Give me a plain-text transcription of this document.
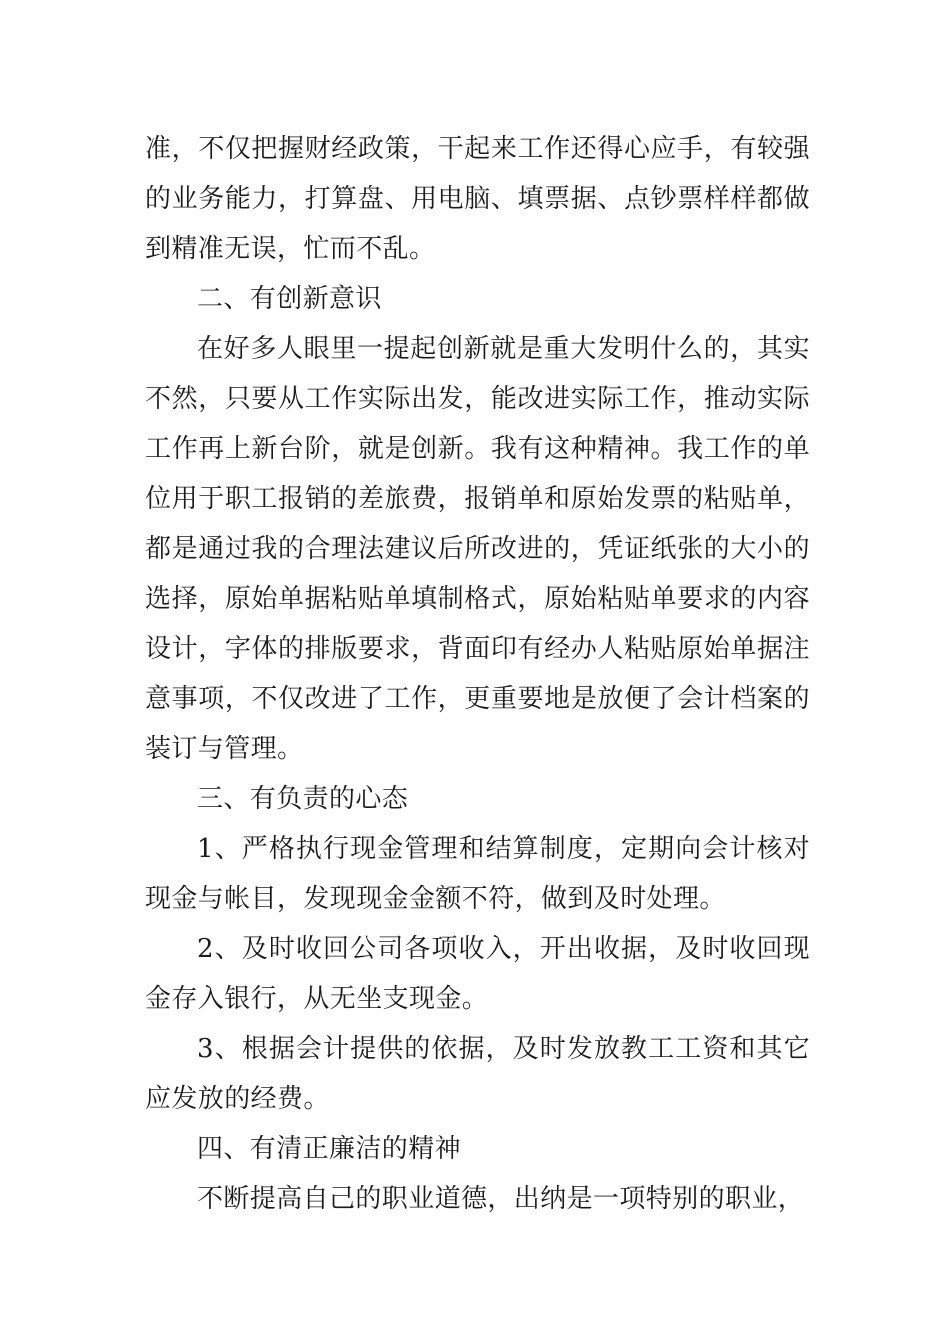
准，不仅把握财经政策，干起来工作还得心应手，有较强的业务能力，打算盘、用电脑、填票据、点钞票样样都做到精准无误，忙而不乱。

二、有创新意识

在好多人眼里一提起创新就是重大发明什么的，其实不然，只要从工作实际出发，能改进实际工作，推动实际工作再上新台阶，就是创新。我有这种精神。我工作的单位用于职工报销的差旅费，报销单和原始发票的粘贴单，都是通过我的合理法建议后所改进的，凭证纸张的大小的选择，原始单据粘贴单填制格式，原始粘贴单要求的内容设计，字体的排版要求，背面印有经办人粘贴原始单据注意事项，不仅改进了工作，更重要地是放便了会计档案的装订与管理。

三、有负责的心态

1、严格执行现金管理和结算制度，定期向会计核对现金与帐目，发现现金金额不符，做到及时处理。

2、及时收回公司各项收入，开出收据，及时收回现金存入银行，从无坐支现金。

3、根据会计提供的依据，及时发放教工工资和其它应发放的经费。

四、有清正廉洁的精神

不断提高自己的职业道德，出纳是一项特别的职业，
